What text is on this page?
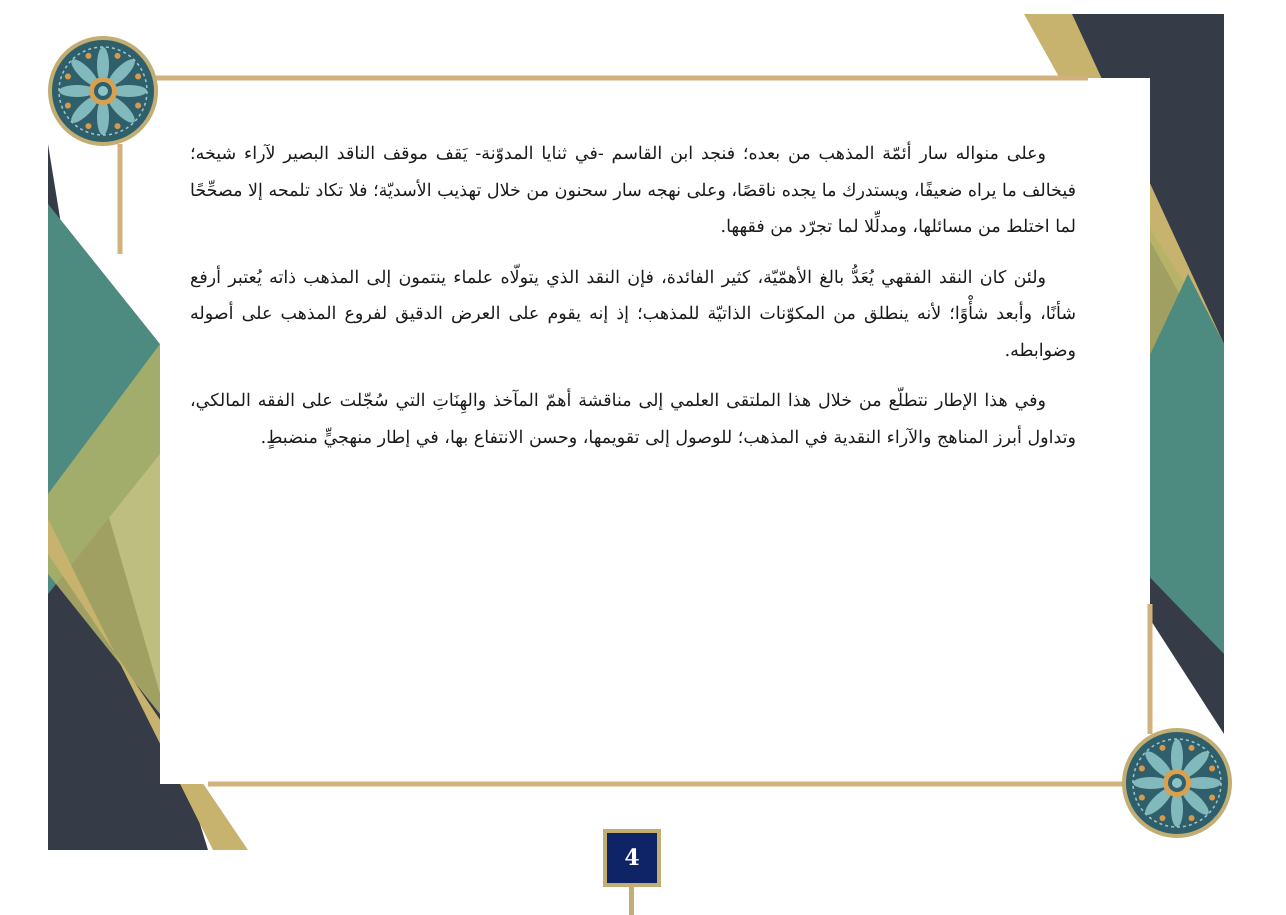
وعلى منواله سار أئمّة المذهب من بعده؛ فنجد ابن القاسم -في ثنايا المدوّنة- يَقف موقف الناقد البصير لآراء شيخه؛ فيخالف ما يراه ضعيفًا، ويستدرك ما يجده ناقصًا، وعلى نهجه سار سحنون من خلال تهذيب الأسديّة؛ فلا تكاد تلمحه إلا مصحِّحًا لما اختلط من مسائلها، ومدلِّلا لما تجرّد من فقهها.

ولئن كان النقد الفقهي يُعَدُّ بالغ الأهمّيّة، كثير الفائدة، فإن النقد الذي يتولّاه علماء ينتمون إلى المذهب ذاته يُعتبر أرفع شأنًا، وأبعد شأْوًا؛ لأنه ينطلق من المكوّنات الذاتيّة للمذهب؛ إذ إنه يقوم على العرض الدقيق لفروع المذهب على أصوله وضوابطه.

وفي هذا الإطار نتطلّع من خلال هذا الملتقى العلمي إلى مناقشة أهمّ المآخذ والهِنَاتِ التي سُجّلت على الفقه المالكي، وتداول أبرز المناهج والآراء النقدية في المذهب؛ للوصول إلى تقويمها، وحسن الانتفاع بها، في إطار منهجيٍّ منضبطٍ.

4
